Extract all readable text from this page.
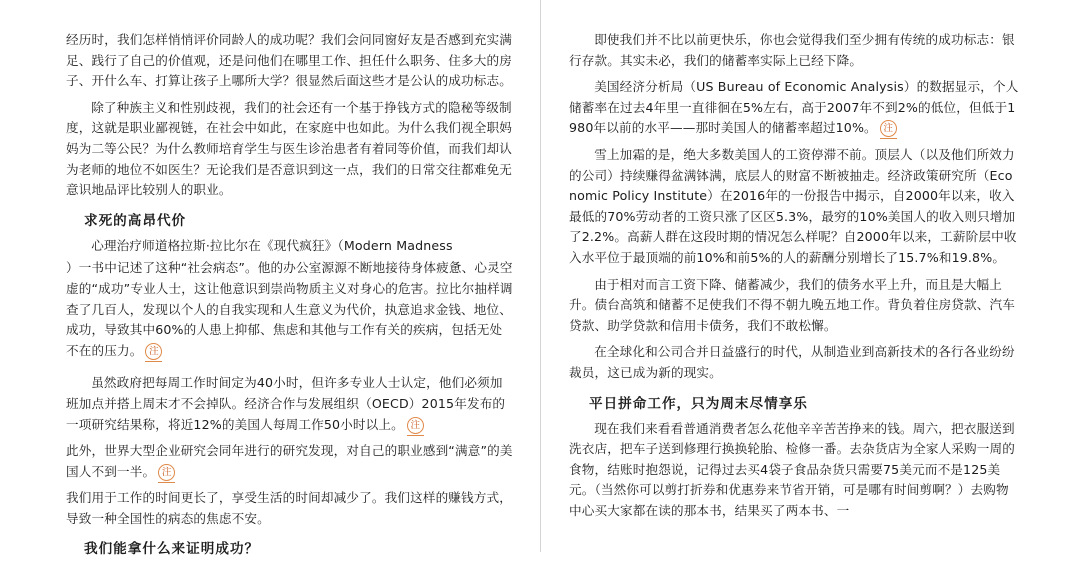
经历时，我们怎样悄悄评价同龄人的成功呢？我们会问同窗好友是否感到充实满足、践行了自己的价值观，还是问他们在哪里工作、担任什么职务、住多大的房子、开什么车、打算让孩子上哪所大学？很显然后面这些才是公认的成功标志。

除了种族主义和性别歧视，我们的社会还有一个基于挣钱方式的隐秘等级制度，这就是职业鄙视链，在社会中如此，在家庭中也如此。为什么我们视全职妈妈为二等公民？为什么教师培育学生与医生诊治患者有着同等价值，而我们却认为老师的地位不如医生？无论我们是否意识到这一点，我们的日常交往都难免无意识地品评比较别人的职业。

求死的高昂代价

心理治疗师道格拉斯·拉比尔在《现代疯狂》（Modern Madness

）一书中记述了这种“社会病态”。他的办公室源源不断地接待身体疲惫、心灵空虚的“成功”专业人士，这让他意识到崇尚物质主义对身心的危害。拉比尔抽样调查了几百人，发现以个人的自我实现和人生意义为代价，执意追求金钱、地位、成功，导致其中60%的人患上抑郁、焦虑和其他与工作有关的疾病，包括无处不在的压力。 注

虽然政府把每周工作时间定为40小时，但许多专业人士认定，他们必须加班加点并搭上周末才不会掉队。经济合作与发展组织（OECD）2015年发布的一项研究结果称，将近12%的美国人每周工作50小时以上。 注

此外，世界大型企业研究会同年进行的研究发现，对自己的职业感到“满意”的美国人不到一半。 注

我们用于工作的时间更长了，享受生活的时间却减少了。我们这样的赚钱方式，导致一种全国性的病态的焦虑不安。

我们能拿什么来证明成功？

即使我们并不比以前更快乐，你也会觉得我们至少拥有传统的成功标志：银行存款。其实未必，我们的储蓄率实际上已经下降。

美国经济分析局（US Bureau of Economic Analysis）的数据显示，个人储蓄率在过去4年里一直徘徊在5%左右，高于2007年不到2%的低位，但低于1980年以前的水平——那时美国人的储蓄率超过10%。 注

雪上加霜的是，绝大多数美国人的工资停滞不前。顶层人（以及他们所效力的公司）持续赚得盆满钵满，底层人的财富不断被抽走。经济政策研究所（Economic Policy Institute）在2016年的一份报告中揭示，自2000年以来，收入最低的70%劳动者的工资只涨了区区5.3%，最穷的10%美国人的收入则只增加了2.2%。高薪人群在这段时期的情况怎么样呢？自2000年以来，工薪阶层中收入水平位于最顶端的前10%和前5%的人的薪酬分别增长了15.7%和19.8%。

由于相对而言工资下降、储蓄减少，我们的债务水平上升，而且是大幅上升。债台高筑和储蓄不足使我们不得不朝九晚五地工作。背负着住房贷款、汽车贷款、助学贷款和信用卡债务，我们不敢松懈。

在全球化和公司合并日益盛行的时代，从制造业到高新技术的各行各业纷纷裁员，这已成为新的现实。

平日拼命工作，只为周末尽情享乐

现在我们来看看普通消费者怎么花他辛辛苦苦挣来的钱。周六，把衣服送到洗衣店，把车子送到修理行换换轮胎、检修一番。去杂货店为全家人采购一周的食物，结账时抱怨说，记得过去买4袋子食品杂货只需要75美元而不是125美元。（当然你可以剪打折券和优惠券来节省开销，可是哪有时间剪啊？）去购物中心买大家都在读的那本书，结果买了两本书、一
